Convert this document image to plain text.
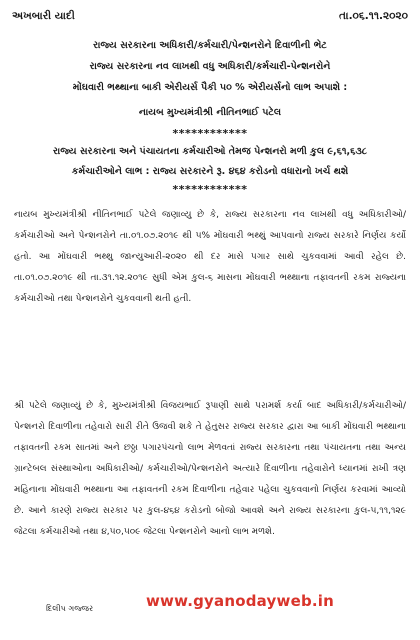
અખબારી યાદી	તા.૦૬.૧૧.૨૦૨૦
રાજ્ય સરકારના અધિકારી/કર્મચારી/પેન્શનરોને દિવાળીની ભેટ
રાજ્ય સરકારના નવ લાખથી વધુ અધિકારી/કર્મચારી-પેન્શનરોને
મોંઘવારી ભથ્થાના બાકી એરીયર્સ પૈકી ૫૦ % એરીયર્સનો લાભ અપાશે :
નાયબ મુખ્યમંત્રીશ્રી નીતિનભાઈ પટેલ
************
રાજ્ય સરકારના અને પંચાયતના કર્મચારીઓ તેમજ પેન્શનરો મળી કુલ ૯,૬૧,૬૩૮
કર્મચારીઓને લાભ : રાજ્ય સરકારને રૂ. ૪૬૪ કરોડનો વધારાનો ખર્ચ થશે
************
નાયબ મુખ્યમંત્રીશ્રી નીતિનભાઈ પટેલે જણાવ્યુ છે કે, રાજ્ય સરકારના નવ લાખથી વધુ અધિકારીઓ/કર્મચારીઓ અને પેન્શનરોને તા.૦૧.૦૭.૨૦૧૯ થી ૫% મોંઘવારી ભથ્થું આપવાનો રાજ્ય સરકારે નિર્ણય કર્યો હતો. આ મોંઘવારી ભથ્થુ જાન્યુઆરી-૨૦૨૦ થી દર માસે પગાર સાથે ચુકવવામાં આવી રહેલ છે. તા.૦૧.૦૭.૨૦૧૯ થી તા.૩૧.૧૨.૨૦૧૯ સુધી એમ કુલ-૬ માસના મોંઘવારી ભથ્થાના તફાવતની રકમ રાજ્યના કર્મચારીઓ તથા પેન્શનરોને ચુકવવાની થતી હતી.
શ્રી પટેલે જણાવ્યું છે કે, મુખ્યમંત્રીશ્રી વિજયભાઈ રૂપાણી સાથે પરામર્શ કર્યા બાદ અધિકારી/કર્મચારીઓ/પેન્શનરો દિવાળીના તહેવારો સારી રીતે ઉજવી શકે તે હેતુસર રાજ્ય સરકાર દ્વારા આ બાકી મોંઘવારી ભથ્થાના તફાવતની રકમ સાતમાં અને છઠ્ઠા પગારપંચનો લાભ મેળવતાં રાજ્ય સરકારના તથા પંચાયતના તથા અન્ય ગ્રાન્ટેબલ સંસ્થાઓના અધિકારીઓ/ કર્મચારીઓ/પેન્શનરોને અત્યારે દિવાળીના તહેવારોને ધ્યાનમાં રાખી ત્રણ મહિનાના મોંઘવારી ભથ્થાના આ તફાવતની રકમ દિવાળીના તહેવાર પહેલા ચુકવવાનો નિર્ણય કરવામાં આવ્યો છે. આને કારણે રાજ્ય સરકાર પર કુલ-૪૬૪ કરોડનો બોજો આવશે અને રાજ્ય સરકારના કુલ-૫,૧૧,૧૨૯ જેટલા કર્મચારીઓ તથા ૪,૫૦,૫૦૯ જેટલા પેન્શનરોને આનો લાભ મળશે.
દિલીપ ગજ્જર	www.gyanodayweb.in
